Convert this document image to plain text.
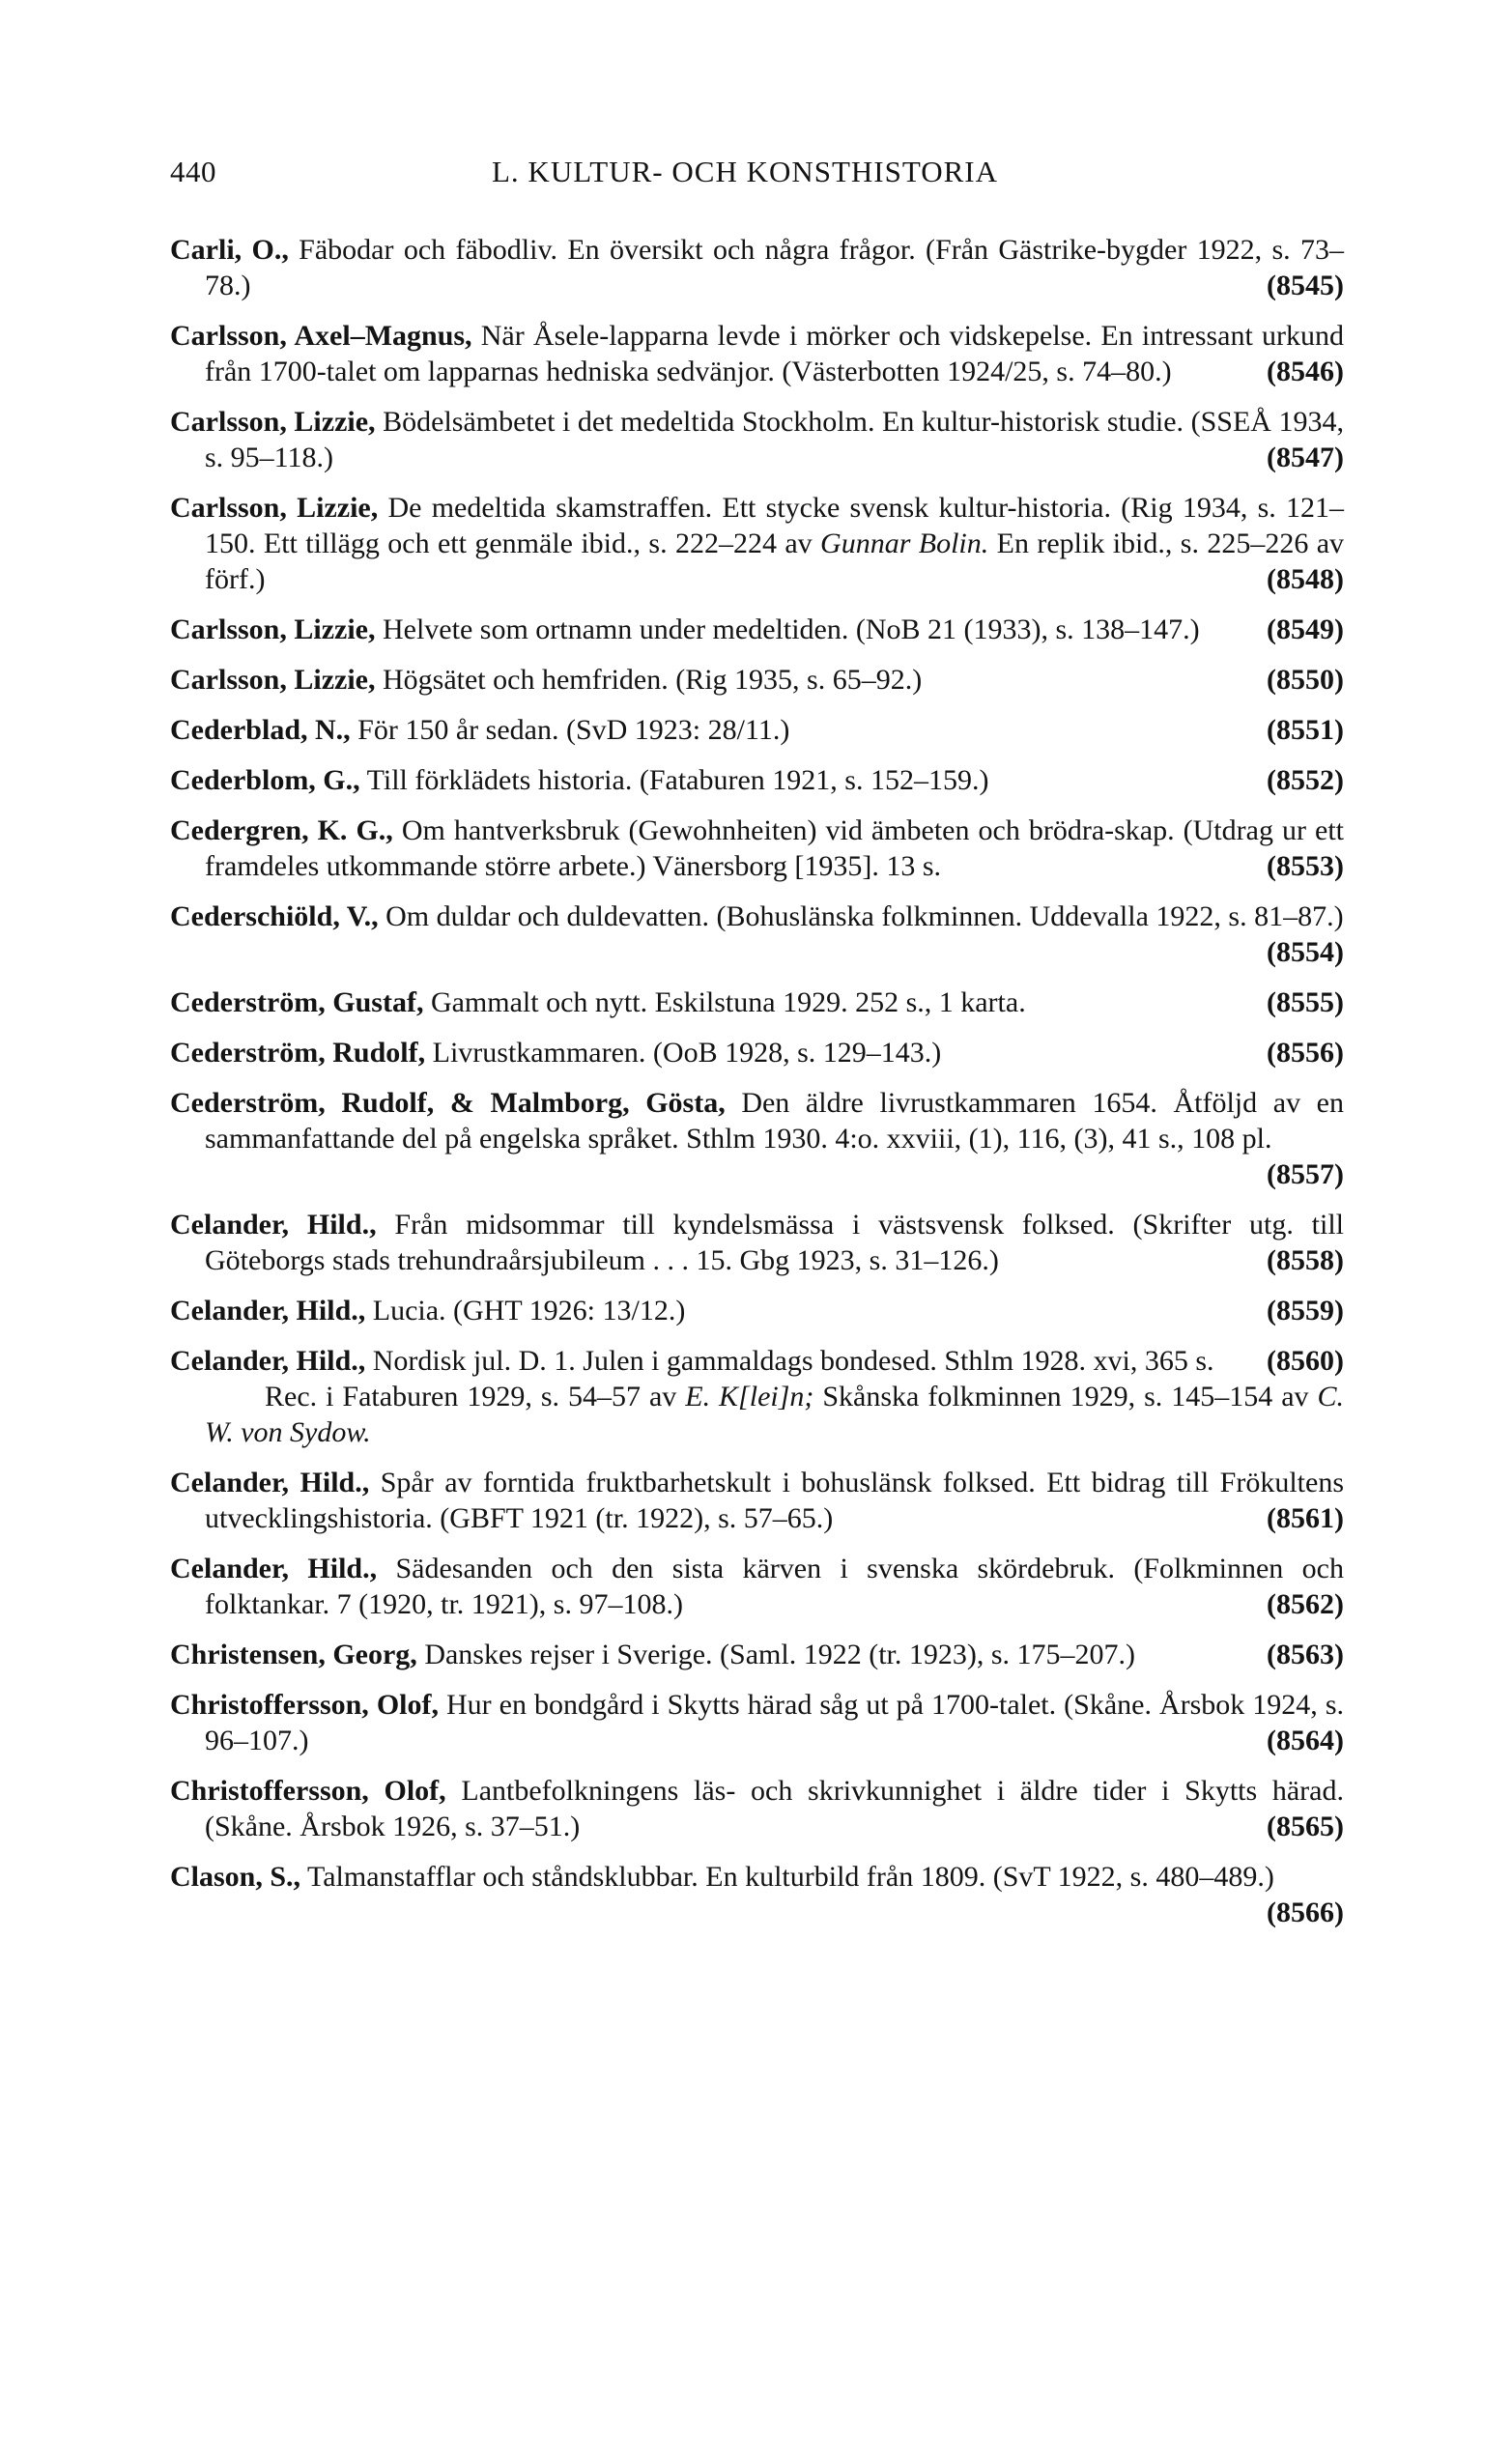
440	L. KULTUR- OCH KONSTHISTORIA
Carli, O., Fäbodar och fäbodliv. En översikt och några frågor. (Från Gästrike-bygder 1922, s. 73–78.)	(8545)
Carlsson, Axel–Magnus, När Åsele-lapparna levde i mörker och vidskepelse. En intressant urkund från 1700-talet om lapparnas hedniska sedvänjor. (Västerbotten 1924/25, s. 74–80.)	(8546)
Carlsson, Lizzie, Bödelsämbetet i det medeltida Stockholm. En kultur-historisk studie. (SSEÅ 1934, s. 95–118.)	(8547)
Carlsson, Lizzie, De medeltida skamstraffen. Ett stycke svensk kultur-historia. (Rig 1934, s. 121–150. Ett tillägg och ett genmäle ibid., s. 222–224 av Gunnar Bolin. En replik ibid., s. 225–226 av förf.)	(8548)
Carlsson, Lizzie, Helvete som ortnamn under medeltiden. (NoB 21 (1933), s. 138–147.) (8549)
Carlsson, Lizzie, Högsätet och hemfriden. (Rig 1935, s. 65–92.)	(8550)
Cederblad, N., För 150 år sedan. (SvD 1923: 28/11.)	(8551)
Cederblom, G., Till förklädets historia. (Fataburen 1921, s. 152–159.)	(8552)
Cedergren, K. G., Om hantverksbruk (Gewohnheiten) vid ämbeten och brödra-skap. (Utdrag ur ett framdeles utkommande större arbete.) Vänersborg [1935]. 13 s.	(8553)
Cederschiöld, V., Om duldar och duldevatten. (Bohuslänska folkminnen. Uddevalla 1922, s. 81–87.)
(8554)
Cederström, Gustaf, Gammalt och nytt. Eskilstuna 1929. 252 s., 1 karta.	(8555)
Cederström, Rudolf, Livrustkammaren. (OoB 1928, s. 129–143.)	(8556)
Cederström, Rudolf, & Malmborg, Gösta, Den äldre livrustkammaren 1654. Åtföljd av en sammanfattande del på engelska språket. Sthlm 1930. 4:o. xxviii, (1), 116, (3), 41 s., 108 pl.
(8557)
Celander, Hild., Från midsommar till kyndelsmässa i västsvensk folksed. (Skrifter utg. till Göteborgs stads trehundraårsjubileum . . . 15. Gbg 1923, s. 31–126.)	(8558)
Celander, Hild., Lucia. (GHT 1926: 13/12.)	(8559)
Celander, Hild., Nordisk jul. D. 1. Julen i gammaldags bondesed. Sthlm 1928. xvi, 365 s. (8560)
Rec. i Fataburen 1929, s. 54–57 av E. K[lei]n; Skånska folkminnen 1929, s. 145–154 av C. W. von Sydow.
Celander, Hild., Spår av forntida fruktbarhetskult i bohuslänsk folksed. Ett bidrag till Frökultens utvecklingshistoria. (GBFT 1921 (tr. 1922), s. 57–65.)	(8561)
Celander, Hild., Sädesanden och den sista kärven i svenska skördebruk. (Folkminnen och folktankar. 7 (1920, tr. 1921), s. 97–108.)	(8562)
Christensen, Georg, Danskes rejser i Sverige. (Saml. 1922 (tr. 1923), s. 175–207.)	(8563)
Christoffersson, Olof, Hur en bondgård i Skytts härad såg ut på 1700-talet. (Skåne. Årsbok 1924, s. 96–107.)	(8564)
Christoffersson, Olof, Lantbefolkningens läs- och skrivkunnighet i äldre tider i Skytts härad. (Skåne. Årsbok 1926, s. 37–51.)	(8565)
Clason, S., Talmanstafflar och ståndsklubbar. En kulturbild från 1809. (SvT 1922, s. 480–489.)
(8566)
